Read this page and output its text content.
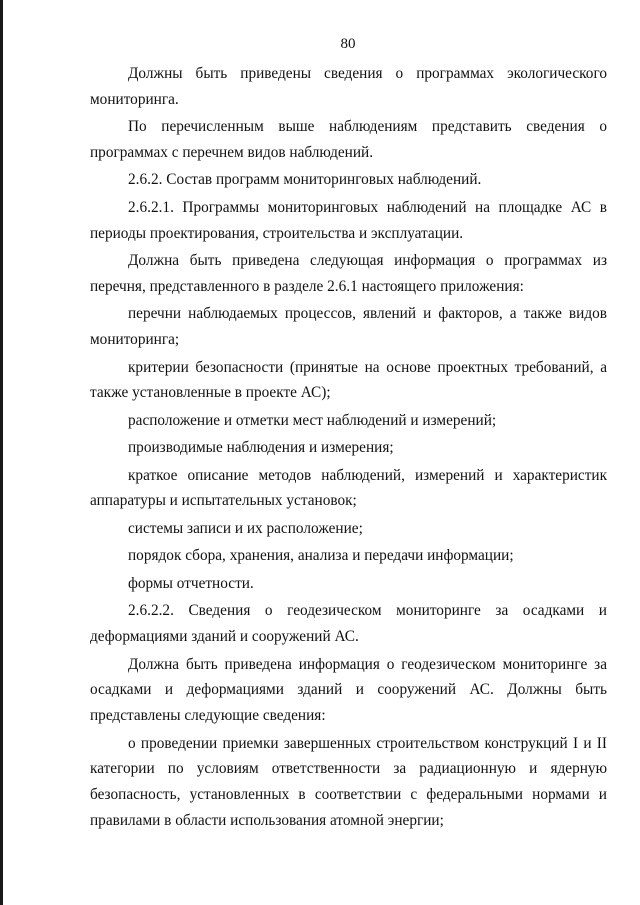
80

Должны быть приведены сведения о программах экологического мониторинга.

По перечисленным выше наблюдениям представить сведения о программах с перечнем видов наблюдений.

2.6.2. Состав программ мониторинговых наблюдений.

2.6.2.1. Программы мониторинговых наблюдений на площадке АС в периоды проектирования, строительства и эксплуатации.

Должна быть приведена следующая информация о программах из перечня, представленного в разделе 2.6.1 настоящего приложения:

перечни наблюдаемых процессов, явлений и факторов, а также видов мониторинга;

критерии безопасности (принятые на основе проектных требований, а также установленные в проекте АС);

расположение и отметки мест наблюдений и измерений;

производимые наблюдения и измерения;

краткое описание методов наблюдений, измерений и характеристик аппаратуры и испытательных установок;

системы записи и их расположение;

порядок сбора, хранения, анализа и передачи информации;

формы отчетности.

2.6.2.2. Сведения о геодезическом мониторинге за осадками и деформациями зданий и сооружений АС.

Должна быть приведена информация о геодезическом мониторинге за осадками и деформациями зданий и сооружений АС. Должны быть представлены следующие сведения:

о проведении приемки завершенных строительством конструкций I и II категории по условиям ответственности за радиационную и ядерную безопасность, установленных в соответствии с федеральными нормами и правилами в области использования атомной энергии;
